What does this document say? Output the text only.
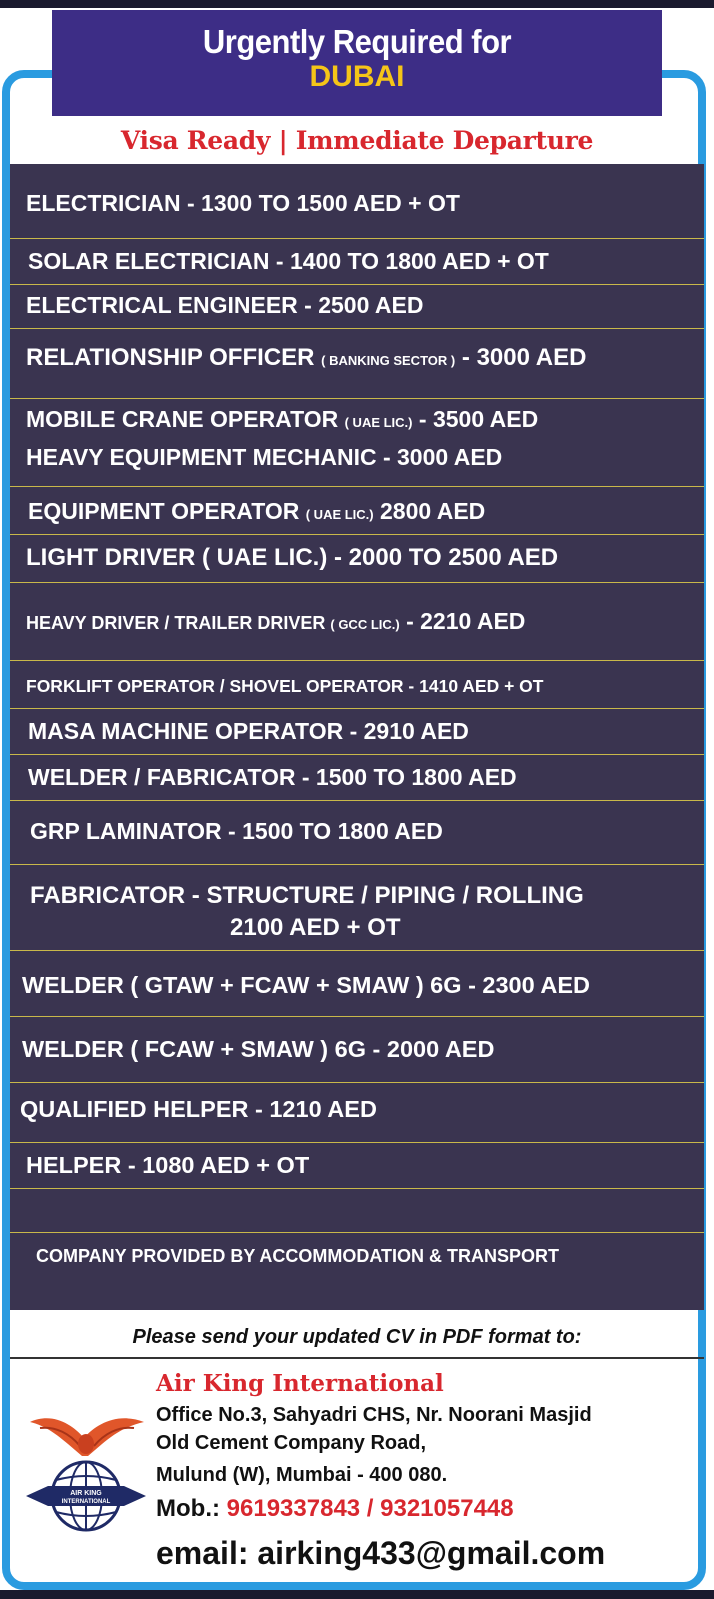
Urgently Required for
DUBAI
Visa Ready | Immediate Departure
ELECTRICIAN - 1300 TO 1500 AED + OT
SOLAR ELECTRICIAN - 1400 TO 1800 AED + OT
ELECTRICAL ENGINEER - 2500 AED
RELATIONSHIP OFFICER ( BANKING SECTOR ) - 3000 AED
MOBILE CRANE OPERATOR ( UAE LIC.) - 3500 AED
HEAVY EQUIPMENT MECHANIC - 3000 AED
EQUIPMENT OPERATOR ( UAE LIC.) 2800 AED
LIGHT DRIVER ( UAE LIC.) - 2000 TO 2500 AED
HEAVY DRIVER / TRAILER DRIVER ( GCC LIC.) - 2210 AED
FORKLIFT OPERATOR / SHOVEL OPERATOR - 1410 AED + OT
MASA MACHINE OPERATOR - 2910 AED
WELDER / FABRICATOR - 1500 TO 1800 AED
GRP LAMINATOR - 1500 TO 1800 AED
FABRICATOR - STRUCTURE / PIPING / ROLLING
2100 AED + OT
WELDER ( GTAW + FCAW + SMAW ) 6G - 2300 AED
WELDER ( FCAW + SMAW ) 6G - 2000 AED
QUALIFIED HELPER - 1210 AED
HELPER - 1080 AED + OT
COMPANY PROVIDED BY ACCOMMODATION & TRANSPORT
Please send your updated CV in PDF format to:
AIR KING
INTERNATIONAL
Air King International
Office No.3, Sahyadri CHS, Nr. Noorani Masjid
Old Cement Company Road,
Mulund (W), Mumbai - 400 080.
Mob.: 9619337843 / 9321057448
email: airking433@gmail.com
